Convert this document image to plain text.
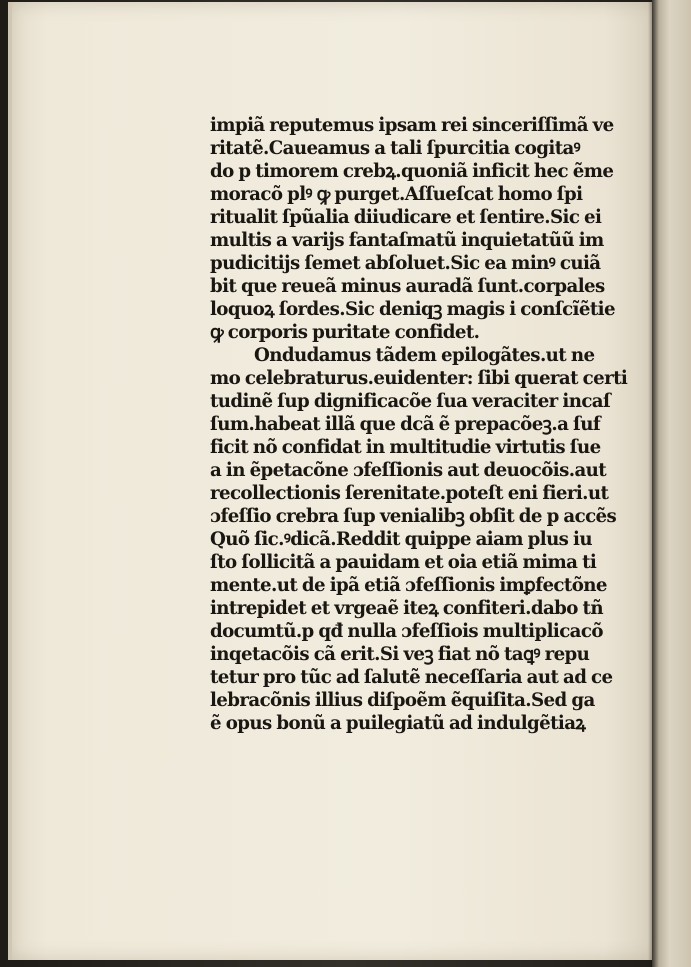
impiã reputemus ipsam rei sinceriſſimã ve
ritatẽ.Caueamus a tali ſpurcitia cogitaꝰ
do p timorem crebꝝ.quoniã inficit hec ẽme
moracõ plꝰ ꝙ purget.Aſſueſcat homo ſpi
ritualit ſpũalia diiudicare et ſentire.Sic ei
multis a varijs fantaſmatũ inquietatũũ im
pudicitijs ſemet abſoluet.Sic ea minꝰ cuiã
bit que reueã minus auradã ſunt.corpales
loquoꝝ ſordes.Sic deniqꝫ magis i conſcĩẽtie
ꝙ corporis puritate confidet.
Ondudamus tãdem epilogãtes.ut ne
mo celebraturus.euidenter: ſibi querat certi
tudinẽ ſup dignificacõe ſua veraciter incaſ
ſum.habeat illã que dcã ẽ prepacõeꝫ.a ſuf
ficit nõ confidat in multitudie virtutis ſue
a in ẽpetacõne ɔfeſſionis aut deuocõis.aut
recollectionis ſerenitate.poteſt eni fieri.ut
ɔfeſſio crebra ſup venialibꝫ obſit de p accẽs
Quõ ſic.ꝰdicã.Reddit quippe aiam plus iu
ſto ſollicitã a pauidam et oia etiã mima ti
mente.ut de ipã etiã ɔfeſſionis imꝑfectõne
intrepidet et vrgeaẽ iteꝝ confiteri.dabo tñ
documtũ.p qđ nulla ɔfeſſiois multiplicacõ
inqetacõis cã erit.Si veꝫ fiat nõ taꝗꝰ repu
tetur pro tũc ad ſalutẽ neceſſaria aut ad ce
lebracõnis illius diſpoẽm ẽquiſita.Sed ga
ẽ opus bonũ a puilegiatũ ad indulgẽtiaꝝ
